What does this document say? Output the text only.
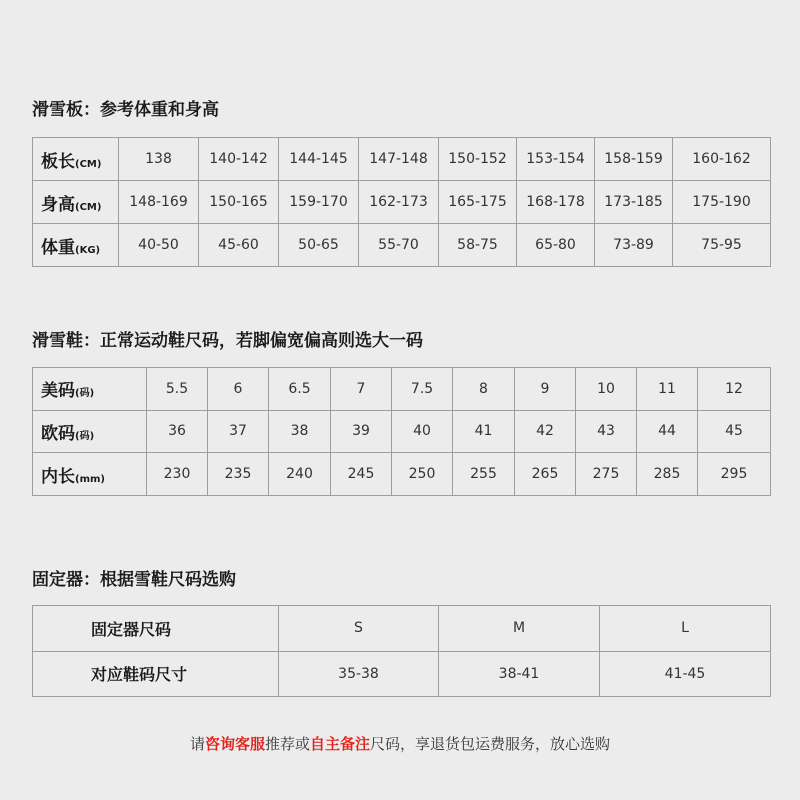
滑雪板：参考体重和身高
板长(CM)	138	140-142	144-145	147-148	150-152	153-154	158-159	160-162
身高(CM)	148-169	150-165	159-170	162-173	165-175	168-178	173-185	175-190
体重(KG)	40-50	45-60	50-65	55-70	58-75	65-80	73-89	75-95
滑雪鞋：正常运动鞋尺码，若脚偏宽偏高则选大一码
美码(码)	5.5	6	6.5	7	7.5	8	9	10	11	12
欧码(码)	36	37	38	39	40	41	42	43	44	45
内长(mm)	230	235	240	245	250	255	265	275	285	295
固定器：根据雪鞋尺码选购
固定器尺码	S	M	L
对应鞋码尺寸	35-38	38-41	41-45
请咨询客服推荐或自主备注尺码，享退货包运费服务，放心选购
